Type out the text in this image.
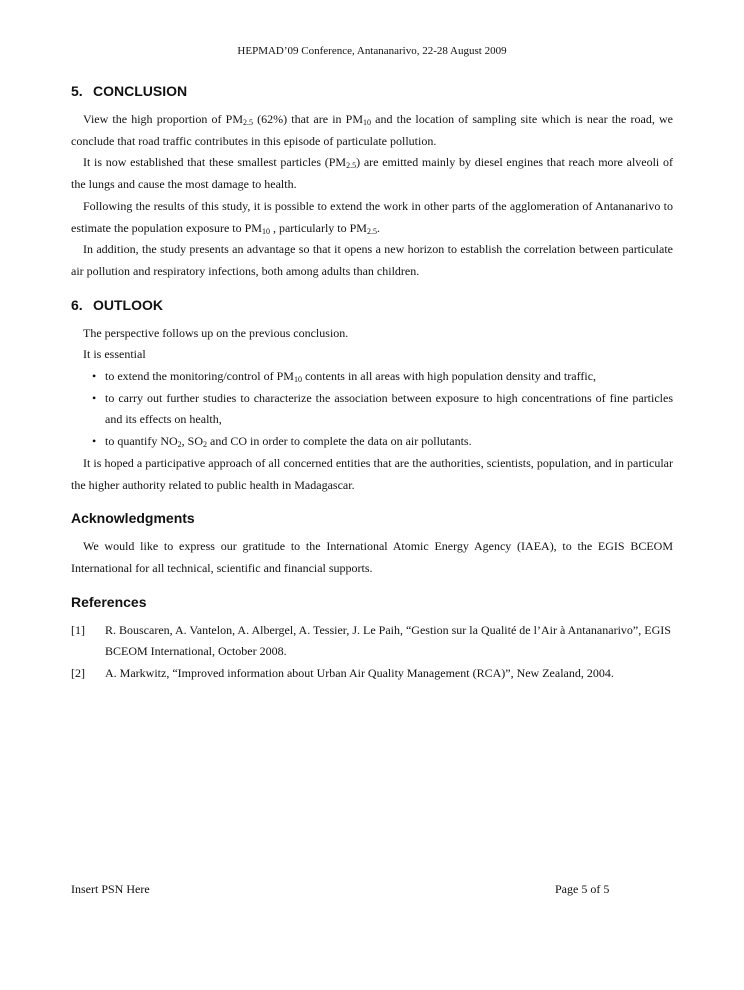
HEPMAD’09 Conference, Antananarivo, 22-28 August 2009
5. CONCLUSION

View the high proportion of $PM_{2.5}$ (62%) that are in $PM_{10}$ and the location of sampling site which is near the road, we conclude that road traffic contributes in this episode of particulate pollution.

It is now established that these smallest particles $(PM_{2.5})$ are emitted mainly by diesel engines that reach more alveoli of the lungs and cause the most damage to health.

Following the results of this study, it is possible to extend the work in other parts of the agglomeration of Antananarivo to estimate the population exposure to $PM_{10}$ , particularly to $PM_{2.5}$.

In addition, the study presents an advantage so that it opens a new horizon to establish the correlation between particulate air pollution and respiratory infections, both among adults than children.

6. OUTLOOK

The perspective follows up on the previous conclusion.

It is essential

• to extend the monitoring/control of $PM_{10}$ contents in all areas with high population density and traffic,
• to carry out further studies to characterize the association between exposure to high concentrations of fine particles and its effects on health,
• to quantify $NO_2$, $SO_2$ and CO in order to complete the data on air pollutants.

It is hoped a participative approach of all concerned entities that are the authorities, scientists, population, and in particular the higher authority related to public health in Madagascar.

Acknowledgments

We would like to express our gratitude to the International Atomic Energy Agency (IAEA), to the EGIS BCEOM International for all technical, scientific and financial supports.

References
[1] R. Bouscaren, A. Vantelon, A. Albergel, A. Tessier, J. Le Paih, “Gestion sur la Qualité de l’Air à Antananarivo”, EGIS BCEOM International, October 2008.
[2] A. Markwitz, “Improved information about Urban Air Quality Management (RCA)”, New Zealand, 2004.
Insert PSN Here	Page 5 of 5
